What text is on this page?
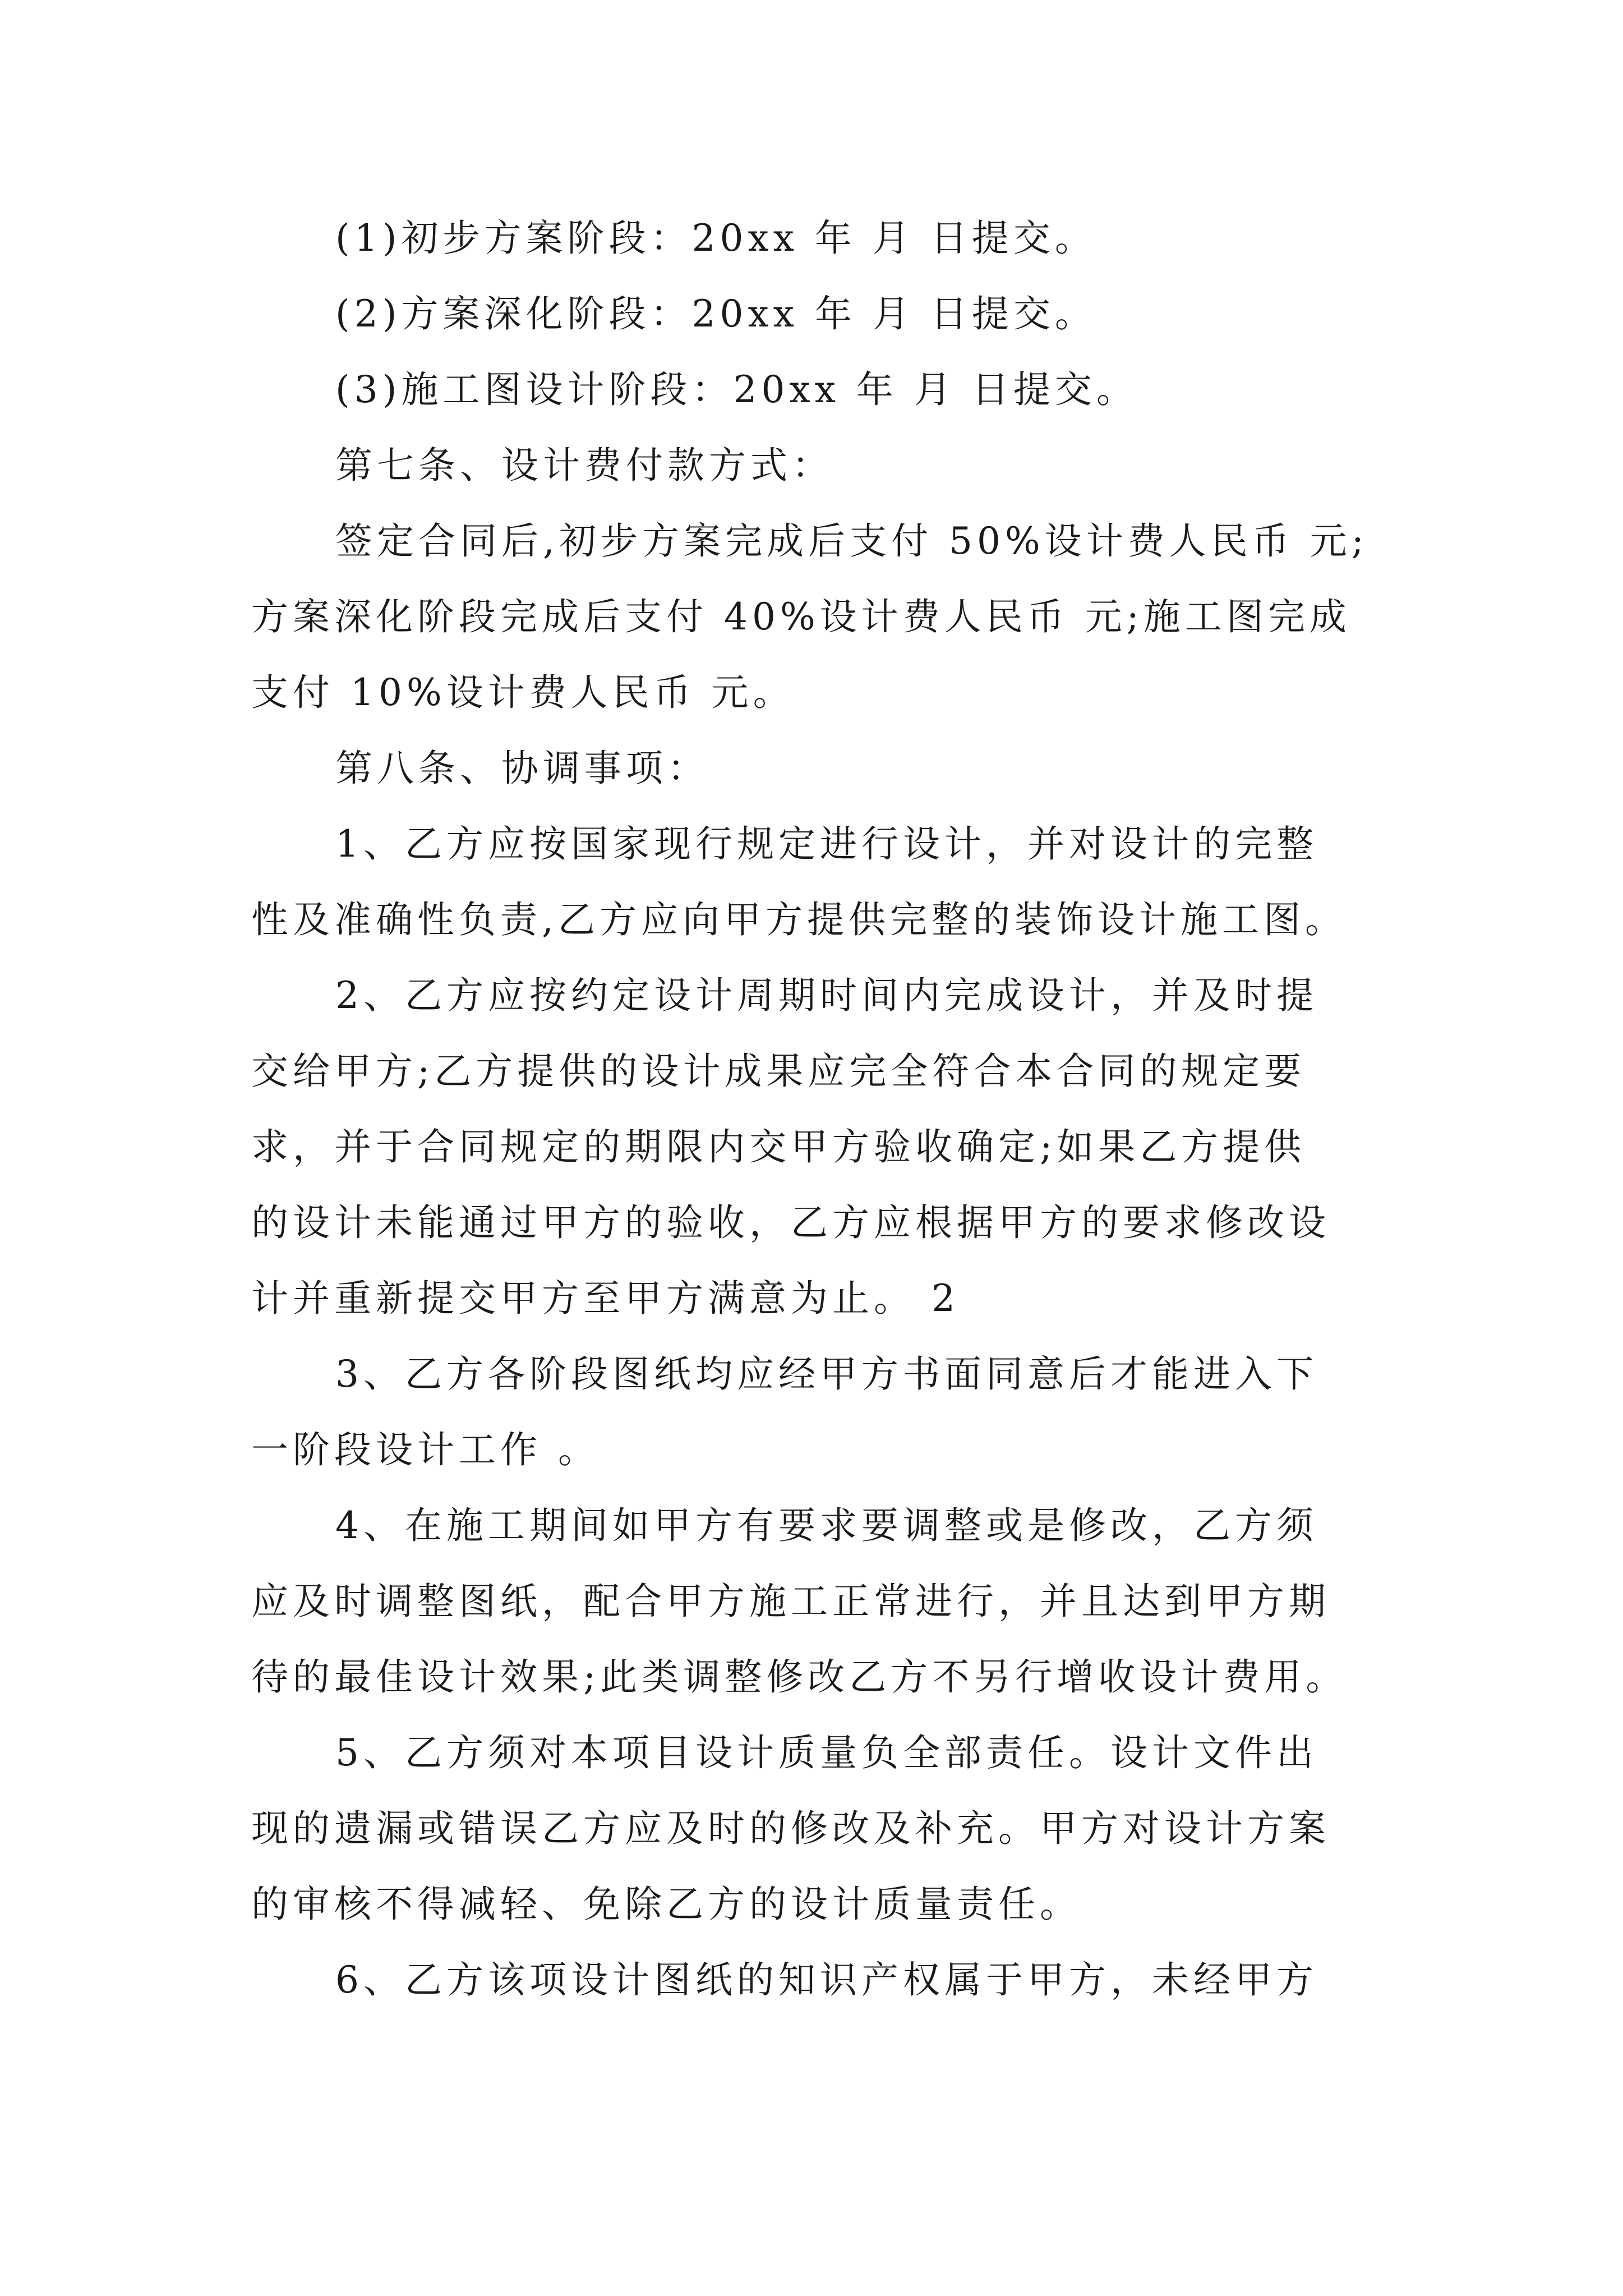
(1)初步方案阶段：20xx 年 月 日提交。
(2)方案深化阶段：20xx 年 月 日提交。
(3)施工图设计阶段：20xx 年 月 日提交。
第七条、设计费付款方式：
签定合同后,初步方案完成后支付 50%设计费人民币 元;
方案深化阶段完成后支付 40%设计费人民币 元;施工图完成
支付 10%设计费人民币 元。
第八条、协调事项：
1、乙方应按国家现行规定进行设计，并对设计的完整
性及准确性负责,乙方应向甲方提供完整的装饰设计施工图。
2、乙方应按约定设计周期时间内完成设计，并及时提
交给甲方;乙方提供的设计成果应完全符合本合同的规定要
求，并于合同规定的期限内交甲方验收确定;如果乙方提供
的设计未能通过甲方的验收，乙方应根据甲方的要求修改设
计并重新提交甲方至甲方满意为止。 2
3、乙方各阶段图纸均应经甲方书面同意后才能进入下
一阶段设计工作 。
4、在施工期间如甲方有要求要调整或是修改，乙方须
应及时调整图纸，配合甲方施工正常进行，并且达到甲方期
待的最佳设计效果;此类调整修改乙方不另行增收设计费用。
5、乙方须对本项目设计质量负全部责任。设计文件出
现的遗漏或错误乙方应及时的修改及补充。甲方对设计方案
的审核不得减轻、免除乙方的设计质量责任。
6、乙方该项设计图纸的知识产权属于甲方，未经甲方
